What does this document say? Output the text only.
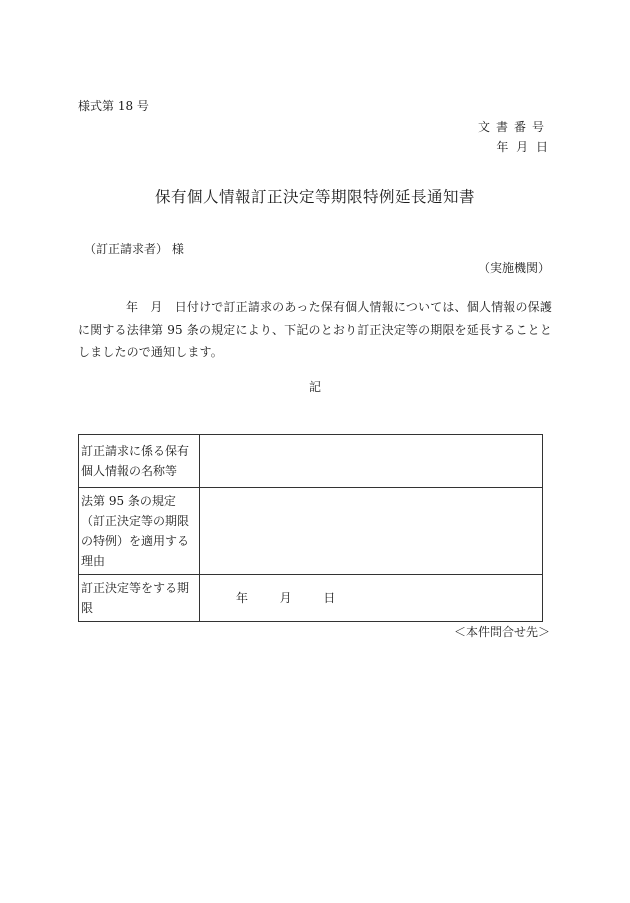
様式第 18 号
文書番号
年 月 日
保有個人情報訂正決定等期限特例延長通知書
（訂正請求者） 様
（実施機関）
年　月　日付けで訂正請求のあった保有個人情報については、個人情報の保護に関する法律第 95 条の規定により、下記のとおり訂正決定等の期限を延長することとしましたので通知します。
記
訂正請求に係る保有個人情報の名称等	
法第 95 条の規定（訂正決定等の期限の特例）を適用する理由	
訂正決定等をする期限	年 月 日
＜本件問合せ先＞
